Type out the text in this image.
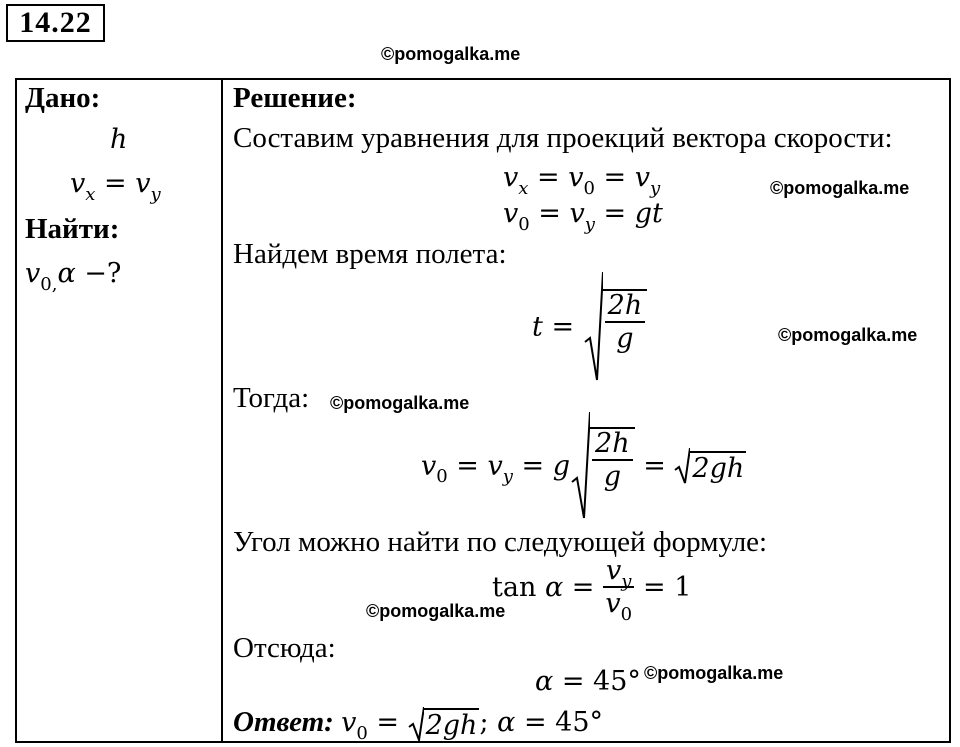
14.22
©pomogalka.me
©pomogalka.me
©pomogalka.me
©pomogalka.me
©pomogalka.me
©pomogalka.me
Дано:
h
$v_x = v_y$
Найти:
$v_{0,}\alpha$ −?
Решение:
Составим уравнения для проекций вектора скорости:
$v_x = v_0 = v_y$
$v_0 = v_y$ = gt
Найдем время полета:
$t = \frac{2h}{g}$
Тогда:
$v_0 = v_y = g \frac{2h}{g} = 2gh$
Угол можно найти по следующей формуле:
$\tan \alpha = \frac{v_y}{v_0} = 1$
Отсюда:
α = 45°
Ответ: $v_0 = 2gh$; α = 45°
